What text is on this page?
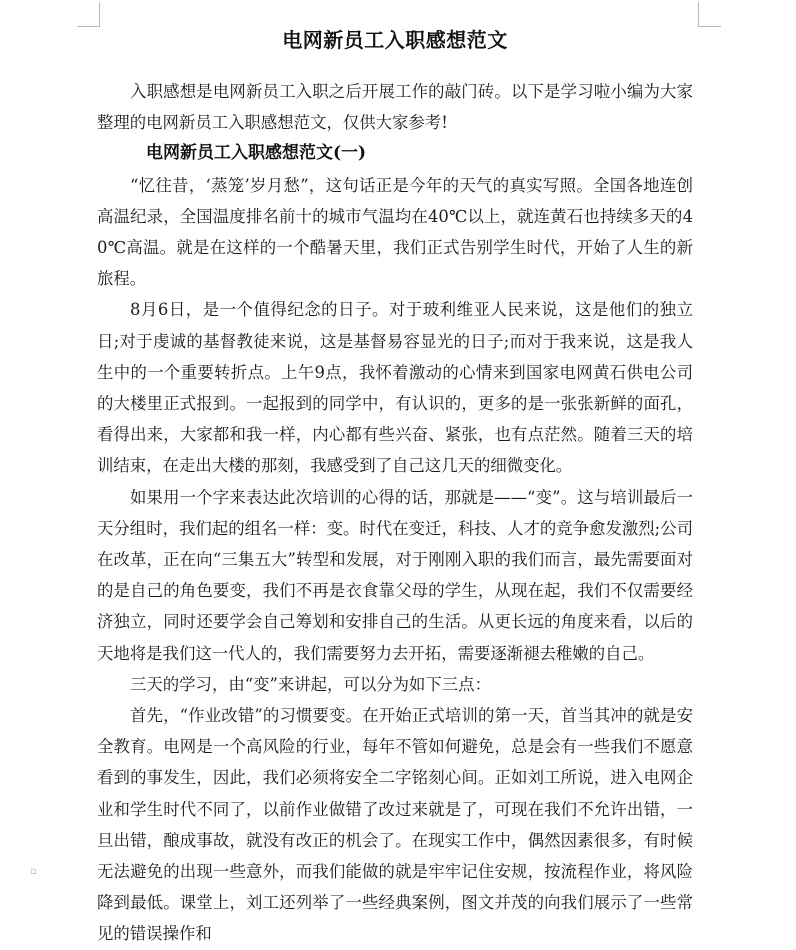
电网新员工入职感想范文

入职感想是电网新员工入职之后开展工作的敲门砖。以下是学习啦小编为大家整理的电网新员工入职感想范文，仅供大家参考!

电网新员工入职感想范文(一)

“忆往昔，‘蒸笼’岁月愁”，这句话正是今年的天气的真实写照。全国各地连创高温纪录，全国温度排名前十的城市气温均在40℃以上，就连黄石也持续多天的40℃高温。就是在这样的一个酷暑天里，我们正式告别学生时代，开始了人生的新旅程。

8月6日，是一个值得纪念的日子。对于玻利维亚人民来说，这是他们的独立日;对于虔诚的基督教徒来说，这是基督易容显光的日子;而对于我来说，这是我人生中的一个重要转折点。上午9点，我怀着激动的心情来到国家电网黄石供电公司的大楼里正式报到。一起报到的同学中，有认识的，更多的是一张张新鲜的面孔，看得出来，大家都和我一样，内心都有些兴奋、紧张，也有点茫然。随着三天的培训结束，在走出大楼的那刻，我感受到了自己这几天的细微变化。

如果用一个字来表达此次培训的心得的话，那就是——“变”。这与培训最后一天分组时，我们起的组名一样：变。时代在变迁，科技、人才的竞争愈发激烈;公司在改革，正在向“三集五大”转型和发展，对于刚刚入职的我们而言，最先需要面对的是自己的角色要变，我们不再是衣食靠父母的学生，从现在起，我们不仅需要经济独立，同时还要学会自己筹划和安排自己的生活。从更长远的角度来看，以后的天地将是我们这一代人的，我们需要努力去开拓，需要逐渐褪去稚嫩的自己。

三天的学习，由“变”来讲起，可以分为如下三点：

首先，“作业改错”的习惯要变。在开始正式培训的第一天，首当其冲的就是安全教育。电网是一个高风险的行业，每年不管如何避免，总是会有一些我们不愿意看到的事发生，因此，我们必须将安全二字铭刻心间。正如刘工所说，进入电网企业和学生时代不同了，以前作业做错了改过来就是了，可现在我们不允许出错，一旦出错，酿成事故，就没有改正的机会了。在现实工作中，偶然因素很多，有时候无法避免的出现一些意外，而我们能做的就是牢牢记住安规，按流程作业，将风险降到最低。课堂上，刘工还列举了一些经典案例，图文并茂的向我们展示了一些常见的错误操作和

▫
